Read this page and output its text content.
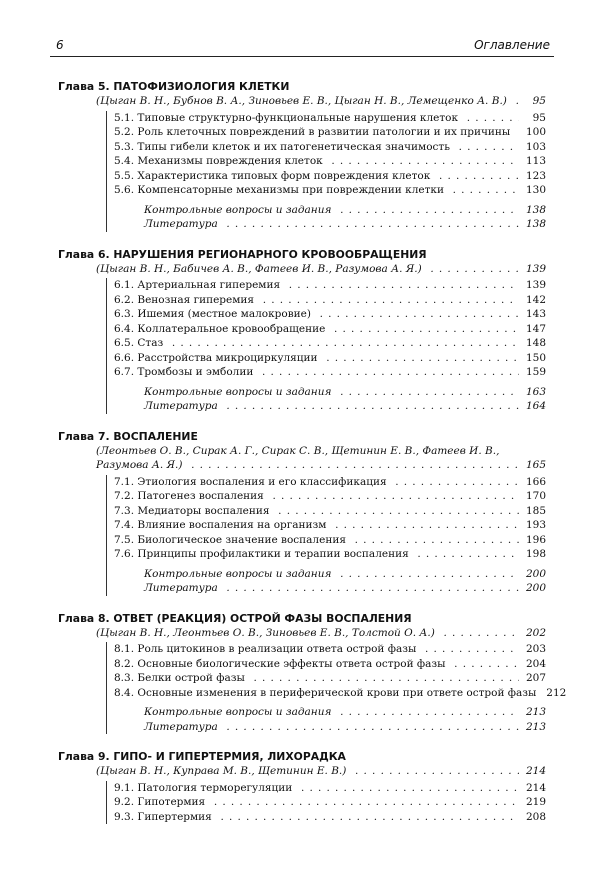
6	Оглавление
Глава 5. ПАТОФИЗИОЛОГИЯ КЛЕТКИ
(Цыган В. Н., Бубнов В. А., Зиновьев Е. В., Цыган Н. В., Лемещенко А. В.) . .	95
5.1. Типовые структурно-функциональные нарушения клеток . .	95
5.2. Роль клеточных повреждений в развитии патологии и их причины . .	100
5.3. Типы гибели клеток и их патогенетическая значимость . .	103
5.4. Механизмы повреждения клеток . .	113
5.5. Характеристика типовых форм повреждения клеток . .	123
5.6. Компенсаторные механизмы при повреждении клетки . .	130
Контрольные вопросы и задания . .	138
Литература . .	138
Глава 6. НАРУШЕНИЯ РЕГИОНАРНОГО КРОВООБРАЩЕНИЯ
(Цыган В. Н., Бабичев А. В., Фатеев И. В., Разумова А. Я.) . .	139
6.1. Артериальная гиперемия . .	139
6.2. Венозная гиперемия . .	142
6.3. Ишемия (местное малокровие) . .	143
6.4. Коллатеральное кровообращение . .	147
6.5. Стаз . .	148
6.6. Расстройства микроциркуляции . .	150
6.7. Тромбозы и эмболии . .	159
Контрольные вопросы и задания . .	163
Литература . .	164
Глава 7. ВОСПАЛЕНИЕ
(Леонтьев О. В., Сирак А. Г., Сирак С. В., Щетинин Е. В., Фатеев И. В.,
Разумова А. Я.) . .	165
7.1. Этиология воспаления и его классификация . .	166
7.2. Патогенез воспаления . .	170
7.3. Медиаторы воспаления . .	185
7.4. Влияние воспаления на организм . .	193
7.5. Биологическое значение воспаления . .	196
7.6. Принципы профилактики и терапии воспаления . .	198
Контрольные вопросы и задания . .	200
Литература . .	200
Глава 8. ОТВЕТ (РЕАКЦИЯ) ОСТРОЙ ФАЗЫ ВОСПАЛЕНИЯ
(Цыган В. Н., Леонтьев О. В., Зиновьев Е. В., Толстой О. А.) . .	202
8.1. Роль цитокинов в реализации ответа острой фазы . .	203
8.2. Основные биологические эффекты ответа острой фазы . .	204
8.3. Белки острой фазы . .	207
8.4. Основные изменения в периферической крови при ответе острой фазы 212
Контрольные вопросы и задания . .	213
Литература . .	213
Глава 9. ГИПО- И ГИПЕРТЕРМИЯ, ЛИХОРАДКА
(Цыган В. Н., Куправа М. В., Щетинин Е. В.) . .	214
9.1. Патология терморегуляции . .	214
9.2. Гипотермия . .	219
9.3. Гипертермия . .	208
